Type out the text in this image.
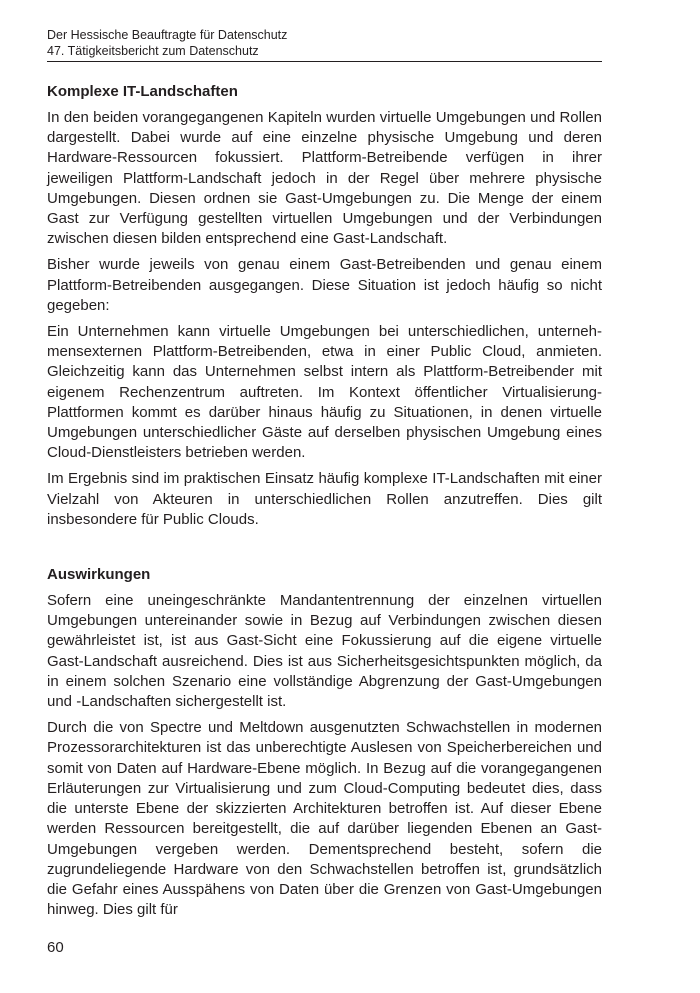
Der Hessische Beauftragte für Datenschutz
47. Tätigkeitsbericht zum Datenschutz
Komplexe IT-Landschaften

In den beiden vorangegangenen Kapiteln wurden virtuelle Umgebungen und Rollen dargestellt. Dabei wurde auf eine einzelne physische Umgebung und deren Hardware-Ressourcen fokussiert. Plattform-Betreibende verfügen in ihrer jeweiligen Plattform-Landschaft jedoch in der Regel über mehrere physische Umgebungen. Diesen ordnen sie Gast-Umgebungen zu. Die Menge der einem Gast zur Verfügung gestellten virtuellen Umgebungen und der Verbindungen zwischen diesen bilden entsprechend eine Gast-Landschaft.

Bisher wurde jeweils von genau einem Gast-Betreibenden und genau einem Plattform-Betreibenden ausgegangen. Diese Situation ist jedoch häufig so nicht gegeben:

Ein Unternehmen kann virtuelle Umgebungen bei unterschiedlichen, unternehmensexternen Plattform-Betreibenden, etwa in einer Public Cloud, anmieten. Gleichzeitig kann das Unternehmen selbst intern als Plattform-Betreibender mit eigenem Rechenzentrum auftreten. Im Kontext öffentlicher Virtualisierung-Plattformen kommt es darüber hinaus häufig zu Situationen, in denen virtuelle Umgebungen unterschiedlicher Gäste auf derselben physischen Umgebung eines Cloud-Dienstleisters betrieben werden.

Im Ergebnis sind im praktischen Einsatz häufig komplexe IT-Landschaften mit einer Vielzahl von Akteuren in unterschiedlichen Rollen anzutreffen. Dies gilt insbesondere für Public Clouds.

Auswirkungen

Sofern eine uneingeschränkte Mandantentrennung der einzelnen virtuellen Umgebungen untereinander sowie in Bezug auf Verbindungen zwischen diesen gewährleistet ist, ist aus Gast-Sicht eine Fokussierung auf die eigene virtuelle Gast-Landschaft ausreichend. Dies ist aus Sicherheitsgesichtspunkten möglich, da in einem solchen Szenario eine vollständige Abgrenzung der Gast-Umgebungen und -Landschaften sichergestellt ist.

Durch die von Spectre und Meltdown ausgenutzten Schwachstellen in modernen Prozessorarchitekturen ist das unberechtigte Auslesen von Speicherbereichen und somit von Daten auf Hardware-Ebene möglich. In Bezug auf die vorangegangenen Erläuterungen zur Virtualisierung und zum Cloud-Computing bedeutet dies, dass die unterste Ebene der skizzierten Architekturen betroffen ist. Auf dieser Ebene werden Ressourcen bereitgestellt, die auf darüber liegenden Ebenen an Gast-Umgebungen vergeben werden. Dementsprechend besteht, sofern die zugrundeliegende Hardware von den Schwachstellen betroffen ist, grundsätzlich die Gefahr eines Ausspähens von Daten über die Grenzen von Gast-Umgebungen hinweg. Dies gilt für

60
